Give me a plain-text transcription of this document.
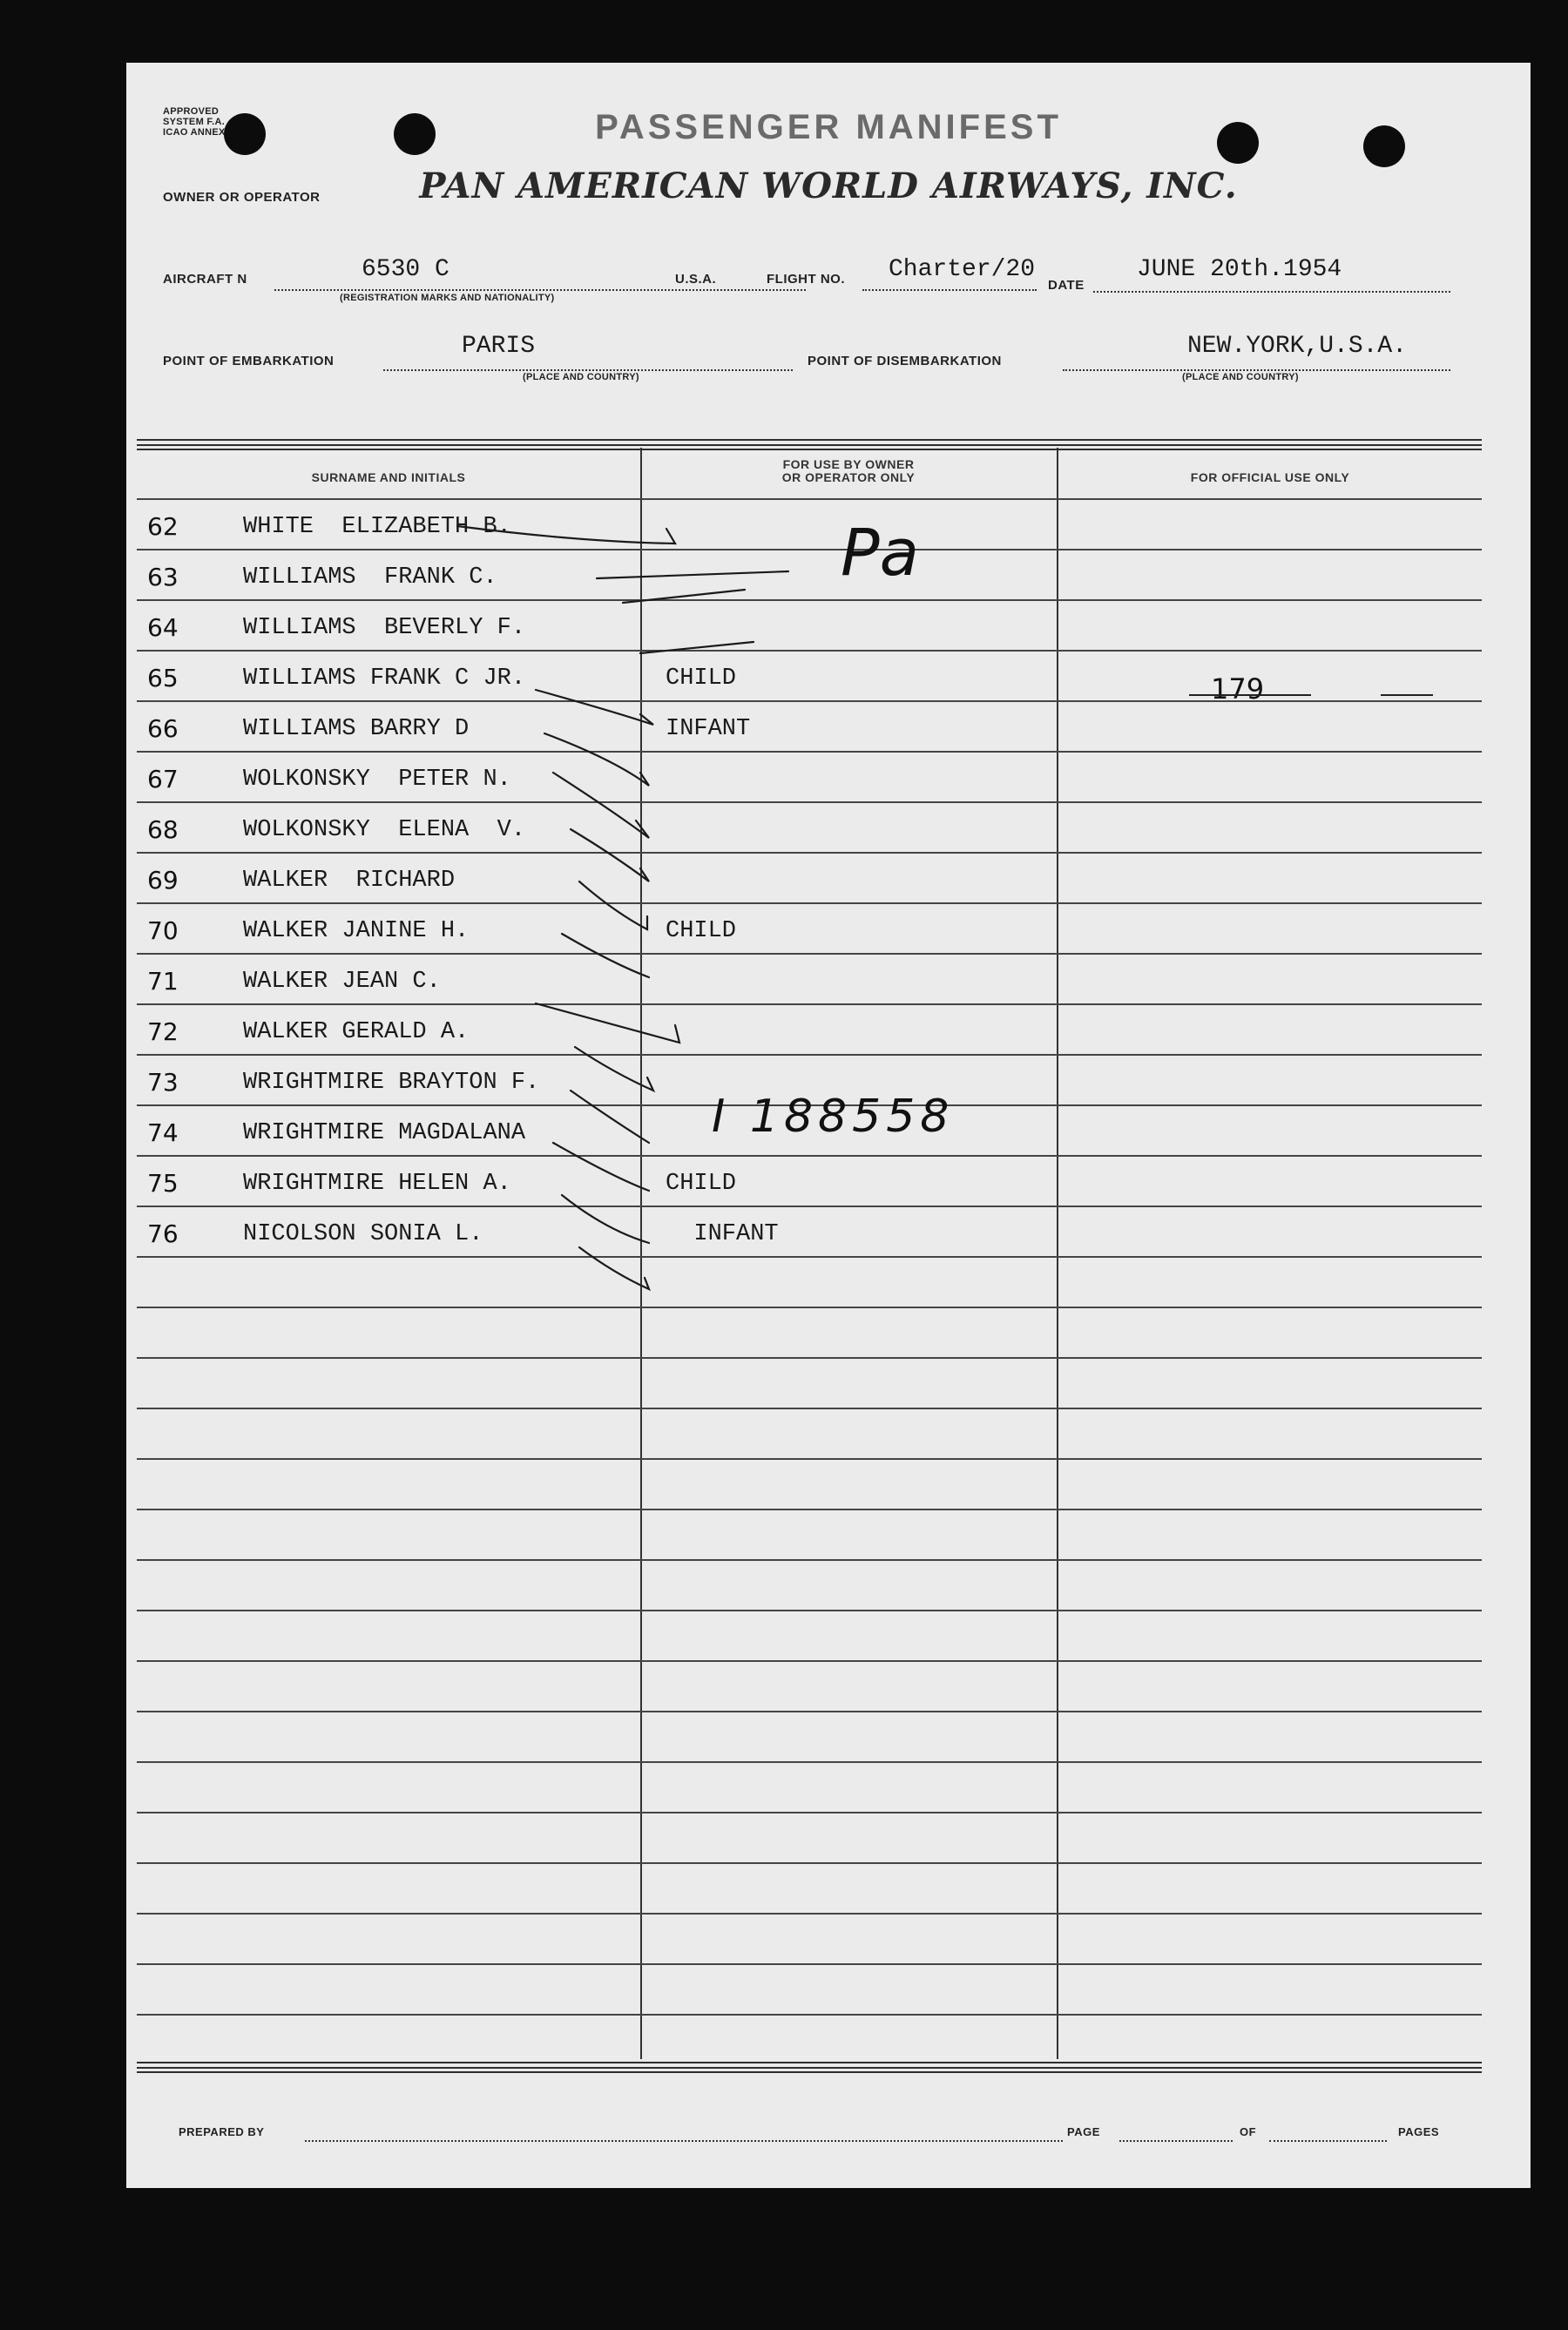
APPROVED
SYSTEM F.A.
ICAO ANNEX	PASSENGER MANIFEST
OWNER OR OPERATOR	PAN AMERICAN WORLD AIRWAYS, INC.
AIRCRAFT N	6530 C
(REGISTRATION MARKS AND NATIONALITY)
U.S.A.	FLIGHT NO. Charter/20
DATE
JUNE 20th.1954
POINT OF EMBARKATION
PARIS
(PLACE AND COUNTRY)
POINT OF DISEMBARKATION
NEW.YORK,U.S.A.
(PLACE AND COUNTRY)
SURNAME AND INITIALS
FOR USE BY OWNER
OR OPERATOR ONLY	FOR OFFICIAL USE ONLY
62	WHITE  ELIZABETH B.
63	WILLIAMS  FRANK C.
64	WILLIAMS  BEVERLY F.
65	WILLIAMS FRANK C JR.	CHILD
66	WILLIAMS BARRY D	INFANT
67	WOLKONSKY  PETER N.
68	WOLKONSKY  ELENA  V.
69	WALKER  RICHARD
70	WALKER JANINE H.	CHILD
71	WALKER JEAN C.
72	WALKER GERALD A.
73	WRIGHTMIRE BRAYTON F.
74	WRIGHTMIRE MAGDALANA
75	WRIGHTMIRE HELEN A.	CHILD
76	NICOLSON SONIA L.	INFANT
Pa
179
I 188558
PREPARED BY	PAGE	OF	PAGES
